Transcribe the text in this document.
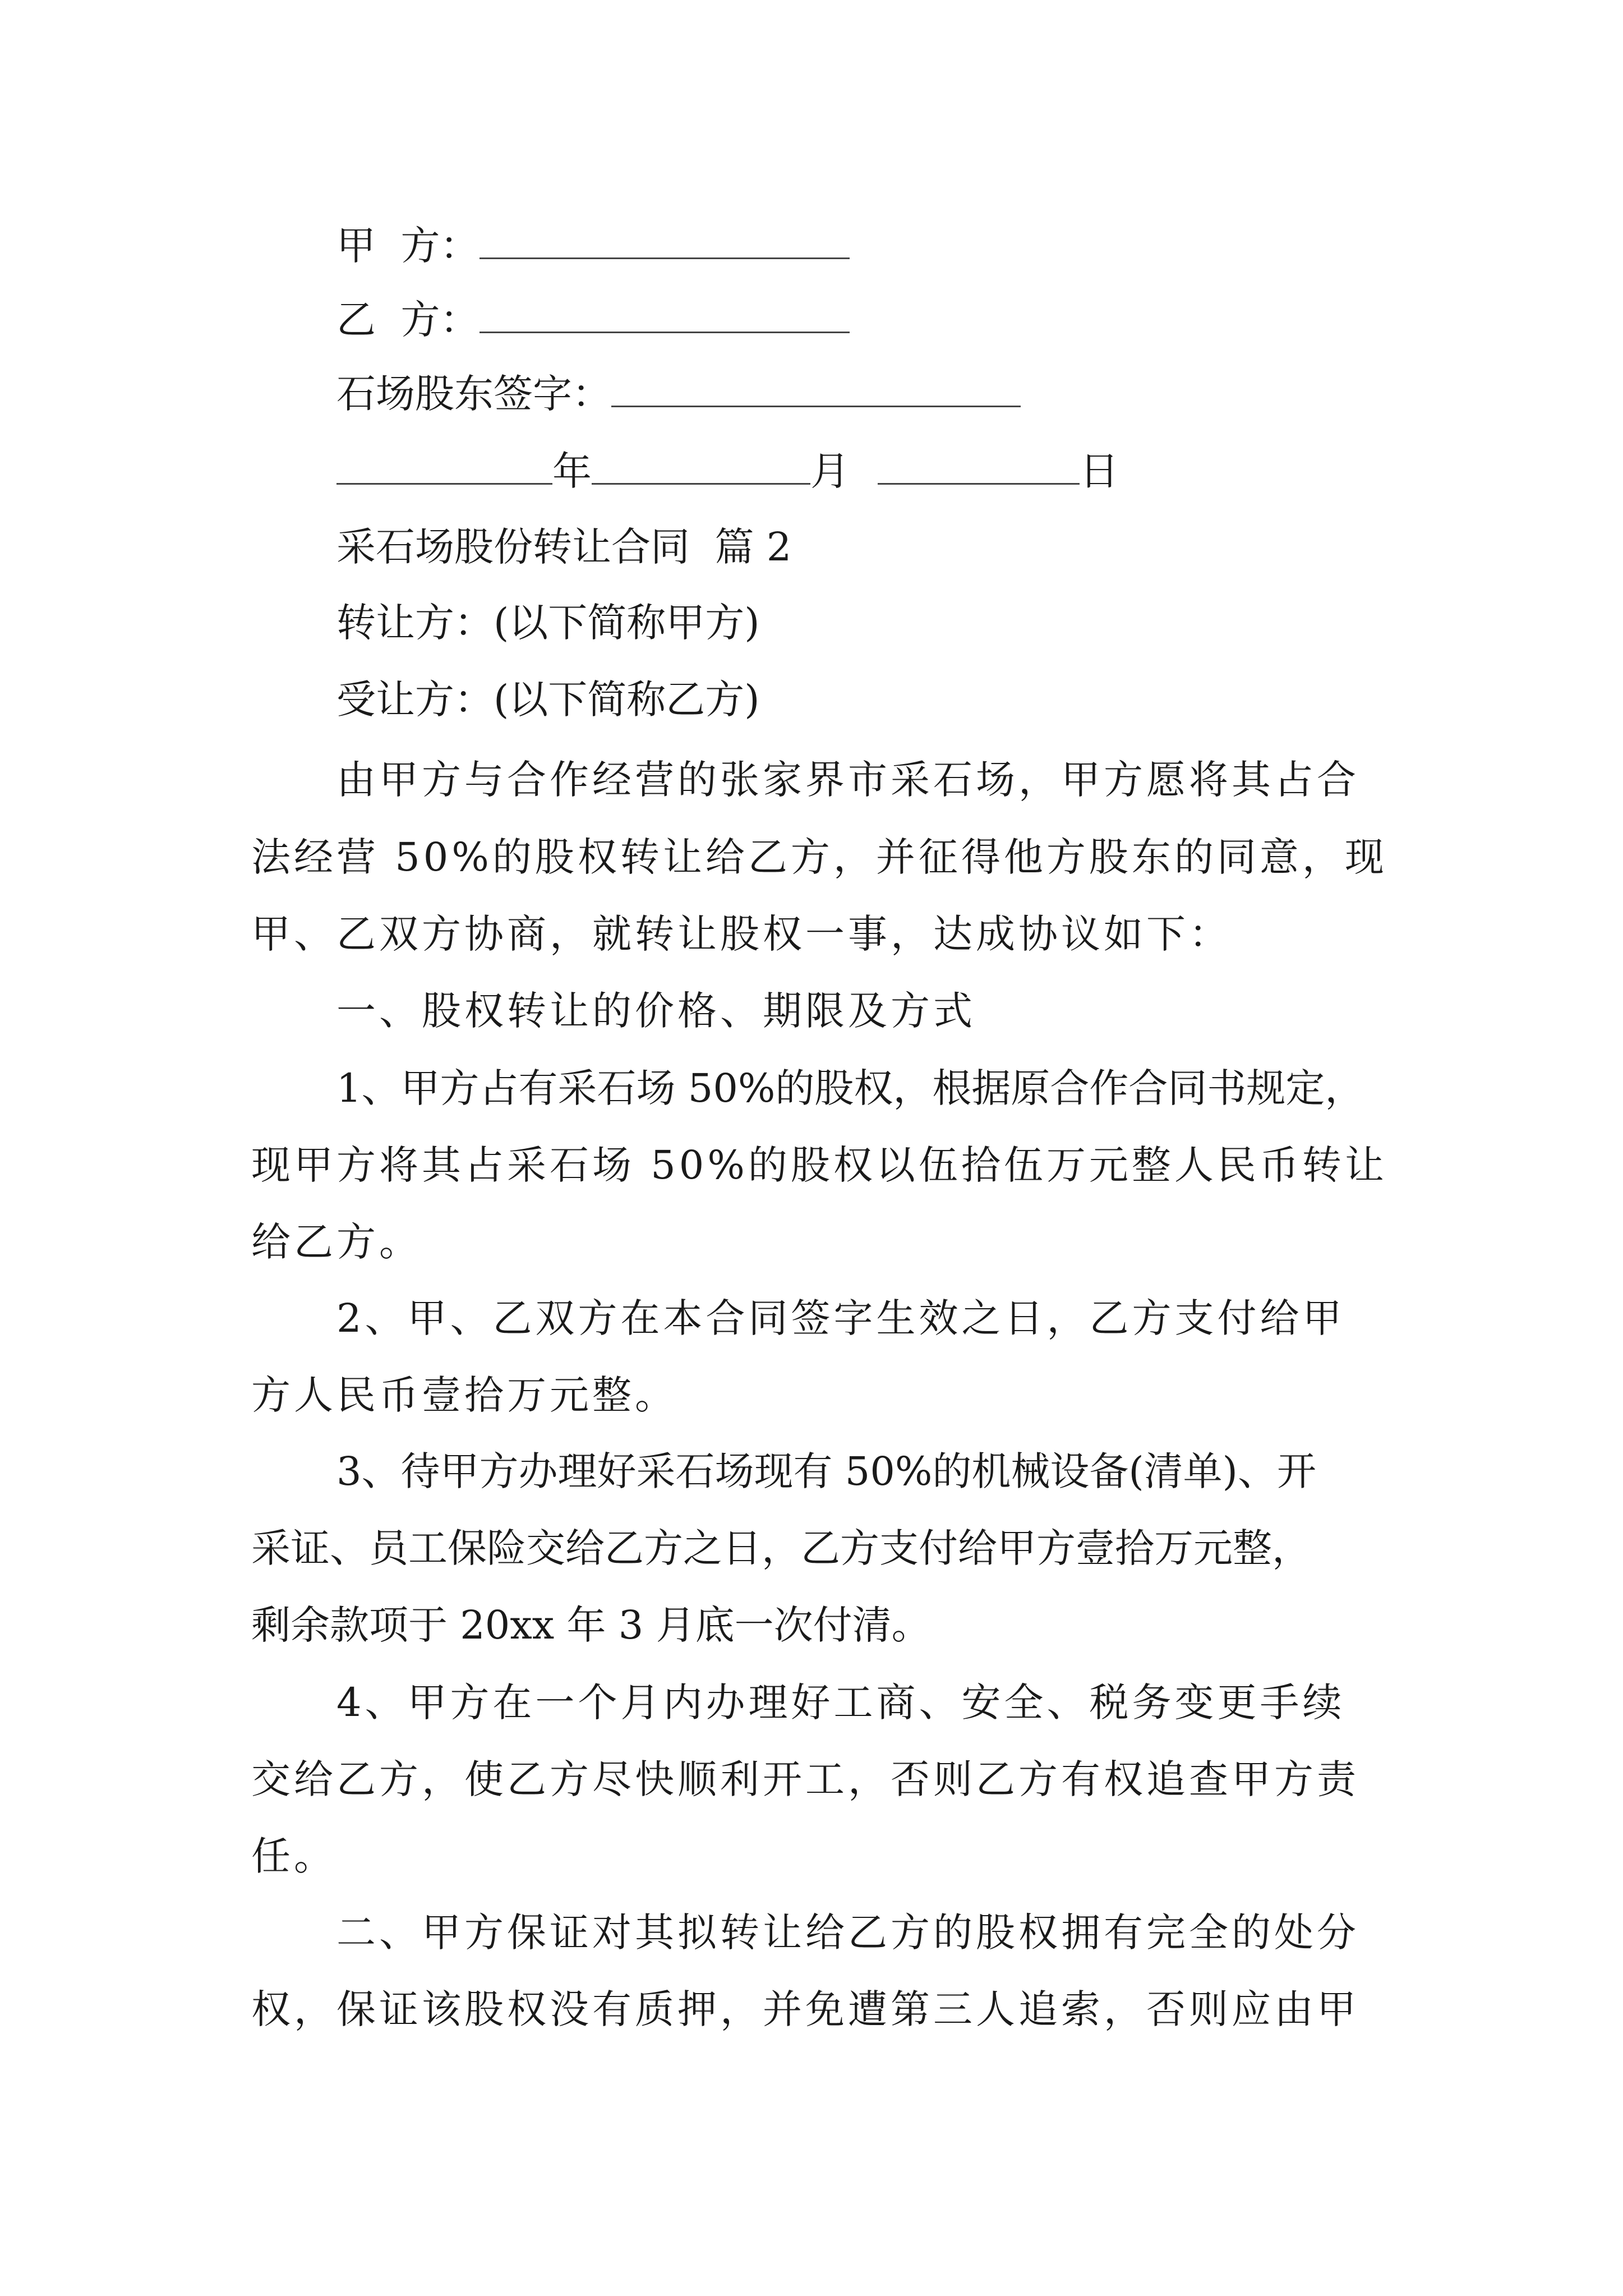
甲  方：
乙  方：
石场股东签字：
年	月	日
采石场股份转让合同  篇 2
转让方：(以下简称甲方)
受让方：(以下简称乙方)
由甲方与合作经营的张家界市采石场，甲方愿将其占合
法经营 50%的股权转让给乙方，并征得他方股东的同意，现
甲、乙双方协商，就转让股权一事，达成协议如下：
一、股权转让的价格、期限及方式
1、甲方占有采石场 50%的股权，根据原合作合同书规定，
现甲方将其占采石场 50%的股权以伍拾伍万元整人民币转让
给乙方。
2、甲、乙双方在本合同签字生效之日，乙方支付给甲
方人民币壹拾万元整。
3、待甲方办理好采石场现有 50%的机械设备(清单)、开
采证、员工保险交给乙方之日，乙方支付给甲方壹拾万元整，
剩余款项于 20xx 年 3 月底一次付清。
4、甲方在一个月内办理好工商、安全、税务变更手续
交给乙方，使乙方尽快顺利开工，否则乙方有权追查甲方责
任。
二、甲方保证对其拟转让给乙方的股权拥有完全的处分
权，保证该股权没有质押，并免遭第三人追索，否则应由甲
